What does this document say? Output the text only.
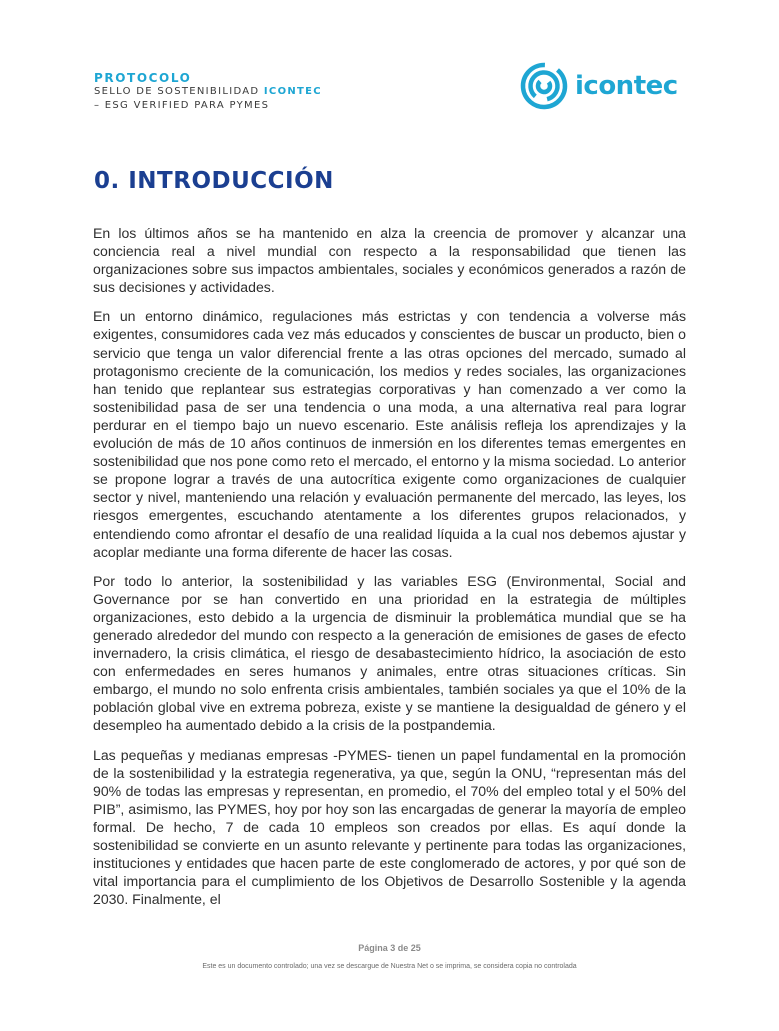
PROTOCOLO
SELLO DE SOSTENIBILIDAD ICONTEC
– ESG VERIFIED PARA PYMES
icontec
0. INTRODUCCIÓN

En los últimos años se ha mantenido en alza la creencia de promover y alcanzar una conciencia real a nivel mundial con respecto a la responsabilidad que tienen las organizaciones sobre sus impactos ambientales, sociales y económicos generados a razón de sus decisiones y actividades.

En un entorno dinámico, regulaciones más estrictas y con tendencia a volverse más exigentes, consumidores cada vez más educados y conscientes de buscar un producto, bien o servicio que tenga un valor diferencial frente a las otras opciones del mercado, sumado al protagonismo creciente de la comunicación, los medios y redes sociales, las organizaciones han tenido que replantear sus estrategias corporativas y han comenzado a ver como la sostenibilidad pasa de ser una tendencia o una moda, a una alternativa real para lograr perdurar en el tiempo bajo un nuevo escenario. Este análisis refleja los aprendizajes y la evolución de más de 10 años continuos de inmersión en los diferentes temas emergentes en sostenibilidad que nos pone como reto el mercado, el entorno y la misma sociedad. Lo anterior se propone lograr a través de una autocrítica exigente como organizaciones de cualquier sector y nivel, manteniendo una relación y evaluación permanente del mercado, las leyes, los riesgos emergentes, escuchando atentamente a los diferentes grupos relacionados, y entendiendo como afrontar el desafío de una realidad líquida a la cual nos debemos ajustar y acoplar mediante una forma diferente de hacer las cosas.

Por todo lo anterior, la sostenibilidad y las variables ESG (Environmental, Social and Governance por se han convertido en una prioridad en la estrategia de múltiples organizaciones, esto debido a la urgencia de disminuir la problemática mundial que se ha generado alrededor del mundo con respecto a la generación de emisiones de gases de efecto invernadero, la crisis climática, el riesgo de desabastecimiento hídrico, la asociación de esto con enfermedades en seres humanos y animales, entre otras situaciones críticas. Sin embargo, el mundo no solo enfrenta crisis ambientales, también sociales ya que el 10% de la población global vive en extrema pobreza, existe y se mantiene la desigualdad de género y el desempleo ha aumentado debido a la crisis de la postpandemia.

Las pequeñas y medianas empresas -PYMES- tienen un papel fundamental en la promoción de la sostenibilidad y la estrategia regenerativa, ya que, según la ONU, “representan más del 90% de todas las empresas y representan, en promedio, el 70% del empleo total y el 50% del PIB”, asimismo, las PYMES, hoy por hoy son las encargadas de generar la mayoría de empleo formal. De hecho, 7 de cada 10 empleos son creados por ellas. Es aquí donde la sostenibilidad se convierte en un asunto relevante y pertinente para todas las organizaciones, instituciones y entidades que hacen parte de este conglomerado de actores, y por qué son de vital importancia para el cumplimiento de los Objetivos de Desarrollo Sostenible y la agenda 2030. Finalmente, el

Página 3 de 25
Este es un documento controlado; una vez se descargue de Nuestra Net o se imprima, se considera copia no controlada
